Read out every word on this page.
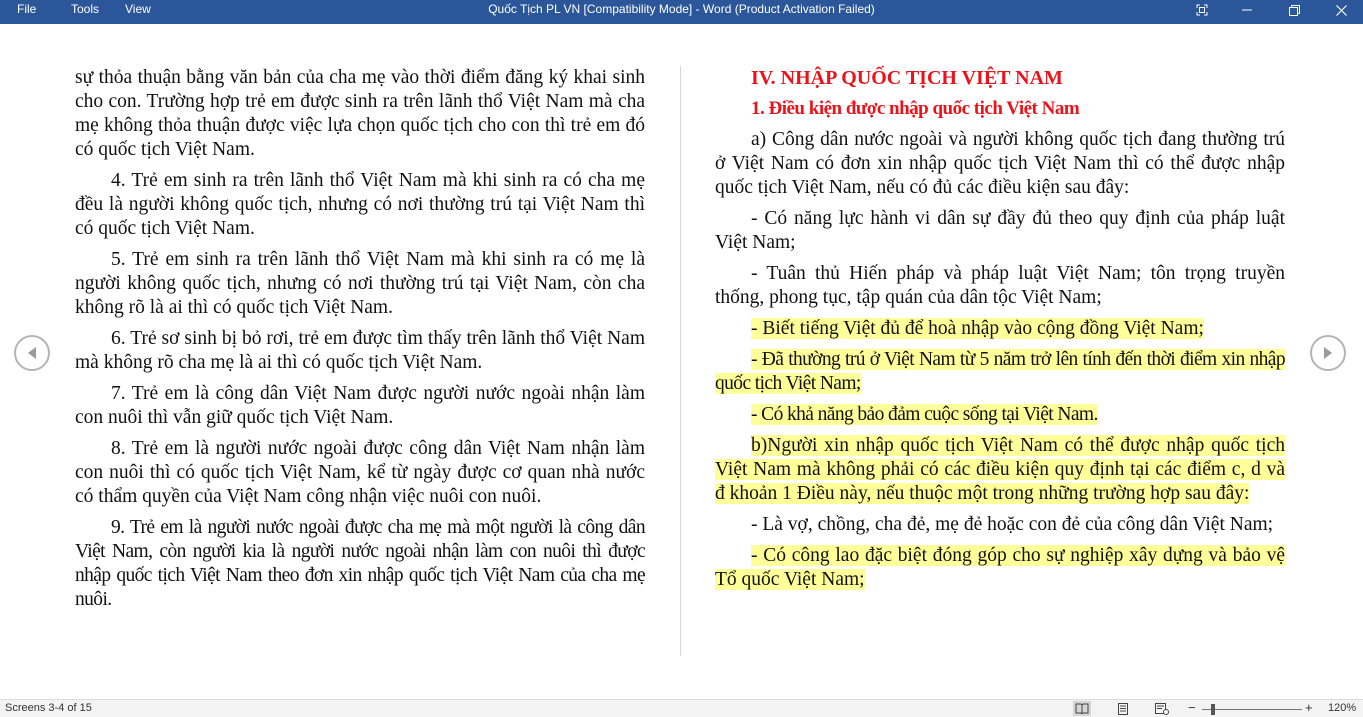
File	Tools	View	Quốc Tịch PL VN [Compatibility Mode] - Word (Product Activation Failed)

sự thỏa thuận bằng văn bản của cha mẹ vào thời điểm đăng ký khai sinh cho con. Trường hợp trẻ em được sinh ra trên lãnh thổ Việt Nam mà cha mẹ không thỏa thuận được việc lựa chọn quốc tịch cho con thì trẻ em đó có quốc tịch Việt Nam.

4. Trẻ em sinh ra trên lãnh thổ Việt Nam mà khi sinh ra có cha mẹ đều là người không quốc tịch, nhưng có nơi thường trú tại Việt Nam thì có quốc tịch Việt Nam.

5. Trẻ em sinh ra trên lãnh thổ Việt Nam mà khi sinh ra có mẹ là người không quốc tịch, nhưng có nơi thường trú tại Việt Nam, còn cha không rõ là ai thì có quốc tịch Việt Nam.

6. Trẻ sơ sinh bị bỏ rơi, trẻ em được tìm thấy trên lãnh thổ Việt Nam mà không rõ cha mẹ là ai thì có quốc tịch Việt Nam.

7. Trẻ em là công dân Việt Nam được người nước ngoài nhận làm con nuôi thì vẫn giữ quốc tịch Việt Nam.

8. Trẻ em là người nước ngoài được công dân Việt Nam nhận làm con nuôi thì có quốc tịch Việt Nam, kể từ ngày được cơ quan nhà nước có thẩm quyền của Việt Nam công nhận việc nuôi con nuôi.

9. Trẻ em là người nước ngoài được cha mẹ mà một người là công dân Việt Nam, còn người kia là người nước ngoài nhận làm con nuôi thì được nhập quốc tịch Việt Nam theo đơn xin nhập quốc tịch Việt Nam của cha mẹ nuôi.

IV. NHẬP QUỐC TỊCH VIỆT NAM

1. Điều kiện được nhập quốc tịch Việt Nam

a) Công dân nước ngoài và người không quốc tịch đang thường trú ở Việt Nam có đơn xin nhập quốc tịch Việt Nam thì có thể được nhập quốc tịch Việt Nam, nếu có đủ các điều kiện sau đây:

- Có năng lực hành vi dân sự đầy đủ theo quy định của pháp luật Việt Nam;

- Tuân thủ Hiến pháp và pháp luật Việt Nam; tôn trọng truyền thống, phong tục, tập quán của dân tộc Việt Nam;

- Biết tiếng Việt đủ để hoà nhập vào cộng đồng Việt Nam;

- Đã thường trú ở Việt Nam từ 5 năm trở lên tính đến thời điểm xin nhập quốc tịch Việt Nam;

- Có khả năng bảo đảm cuộc sống tại Việt Nam.

b)Người xin nhập quốc tịch Việt Nam có thể được nhập quốc tịch Việt Nam mà không phải có các điều kiện quy định tại các điểm c, d và đ khoản 1 Điều này, nếu thuộc một trong những trường hợp sau đây:

- Là vợ, chồng, cha đẻ, mẹ đẻ hoặc con đẻ của công dân Việt Nam;

- Có công lao đặc biệt đóng góp cho sự nghiệp xây dựng và bảo vệ Tổ quốc Việt Nam;

Screens 3-4 of 15	−	+ 120%
